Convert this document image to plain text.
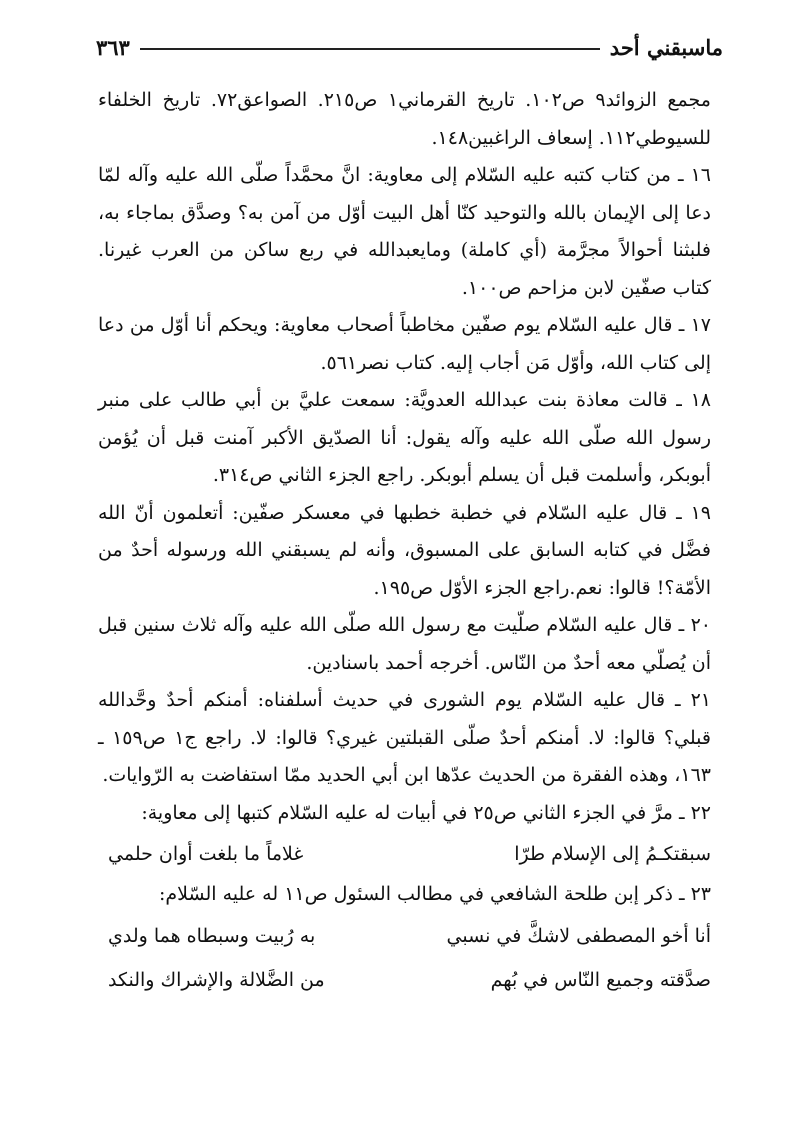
ماسبقني أحد
٣٦٣

مجمع الزوائد٩ ص١٠٢. تاريخ القرماني١ ص٢١٥. الصواعق٧٢. تاريخ الخلفاء للسيوطي١١٢. إسعاف الراغبين١٤٨.

١٦ ـ من كتاب كتبه عليه السّلام إلى معاوية: انَّ محمَّداً صلّى الله عليه وآله لمّا دعا إلى الإيمان بالله والتوحيد كنّا أهل البيت أوّل من آمن به؟ وصدَّق بماجاء به، فلبثنا أحوالاً مجرَّمة (أي كاملة) ومايعبدالله في ربع ساكن من العرب غيرنا. كتاب صفّين لابن مزاحم ص١٠٠.

١٧ ـ قال عليه السّلام يوم صفّين مخاطباً أصحاب معاوية: ويحكم أنا أوّل من دعا إلى كتاب الله، وأوّل مَن أجاب إليه. كتاب نصر٥٦١.

١٨ ـ قالت معاذة بنت عبدالله العدويَّة: سمعت عليَّ بن أبي طالب على منبر رسول الله صلّى الله عليه وآله يقول: أنا الصدّيق الأكبر آمنت قبل أن يُؤمن أبوبكر، وأسلمت قبل أن يسلم أبوبكر. راجع الجزء الثاني ص٣١٤.

١٩ ـ قال عليه السّلام في خطبة خطبها في معسكر صفّين: أتعلمون أنّ الله فضَّل في كتابه السابق على المسبوق، وأنه لم يسبقني الله ورسوله أحدٌ من الأمّة؟! قالوا: نعم.راجع الجزء الأوّل ص١٩٥.

٢٠ ـ قال عليه السّلام صلّيت مع رسول الله صلّى الله عليه وآله ثلاث سنين قبل أن يُصلّي معه أحدٌ من النّاس. أخرجه أحمد باسنادين.

٢١ ـ قال عليه السّلام يوم الشورى في حديث أسلفناه: أمنكم أحدٌ وحَّدالله قبلي؟ قالوا: لا. أمنكم أحدٌ صلّى القبلتين غيري؟ قالوا: لا. راجع ج١ ص١٥٩ ـ ١٦٣، وهذه الفقرة من الحديث عدّها ابن أبي الحديد ممّا استفاضت به الرّوايات.

٢٢ ـ مرَّ في الجزء الثاني ص٢٥ في أبيات له عليه السّلام كتبها إلى معاوية:

سبقتكـمُ إلى الإسلام طرّا
غلاماً ما بلغت أوان حلمي

٢٣ ـ ذكر إبن طلحة الشافعي في مطالب السئول ص١١ له عليه السّلام:

أنا أخو المصطفى لاشكَّ في نسبي
به رُبيت وسبطاه هما ولدي
صدَّقته وجميع النّاس في بُهم
من الضَّلالة والإشراك والنكد
